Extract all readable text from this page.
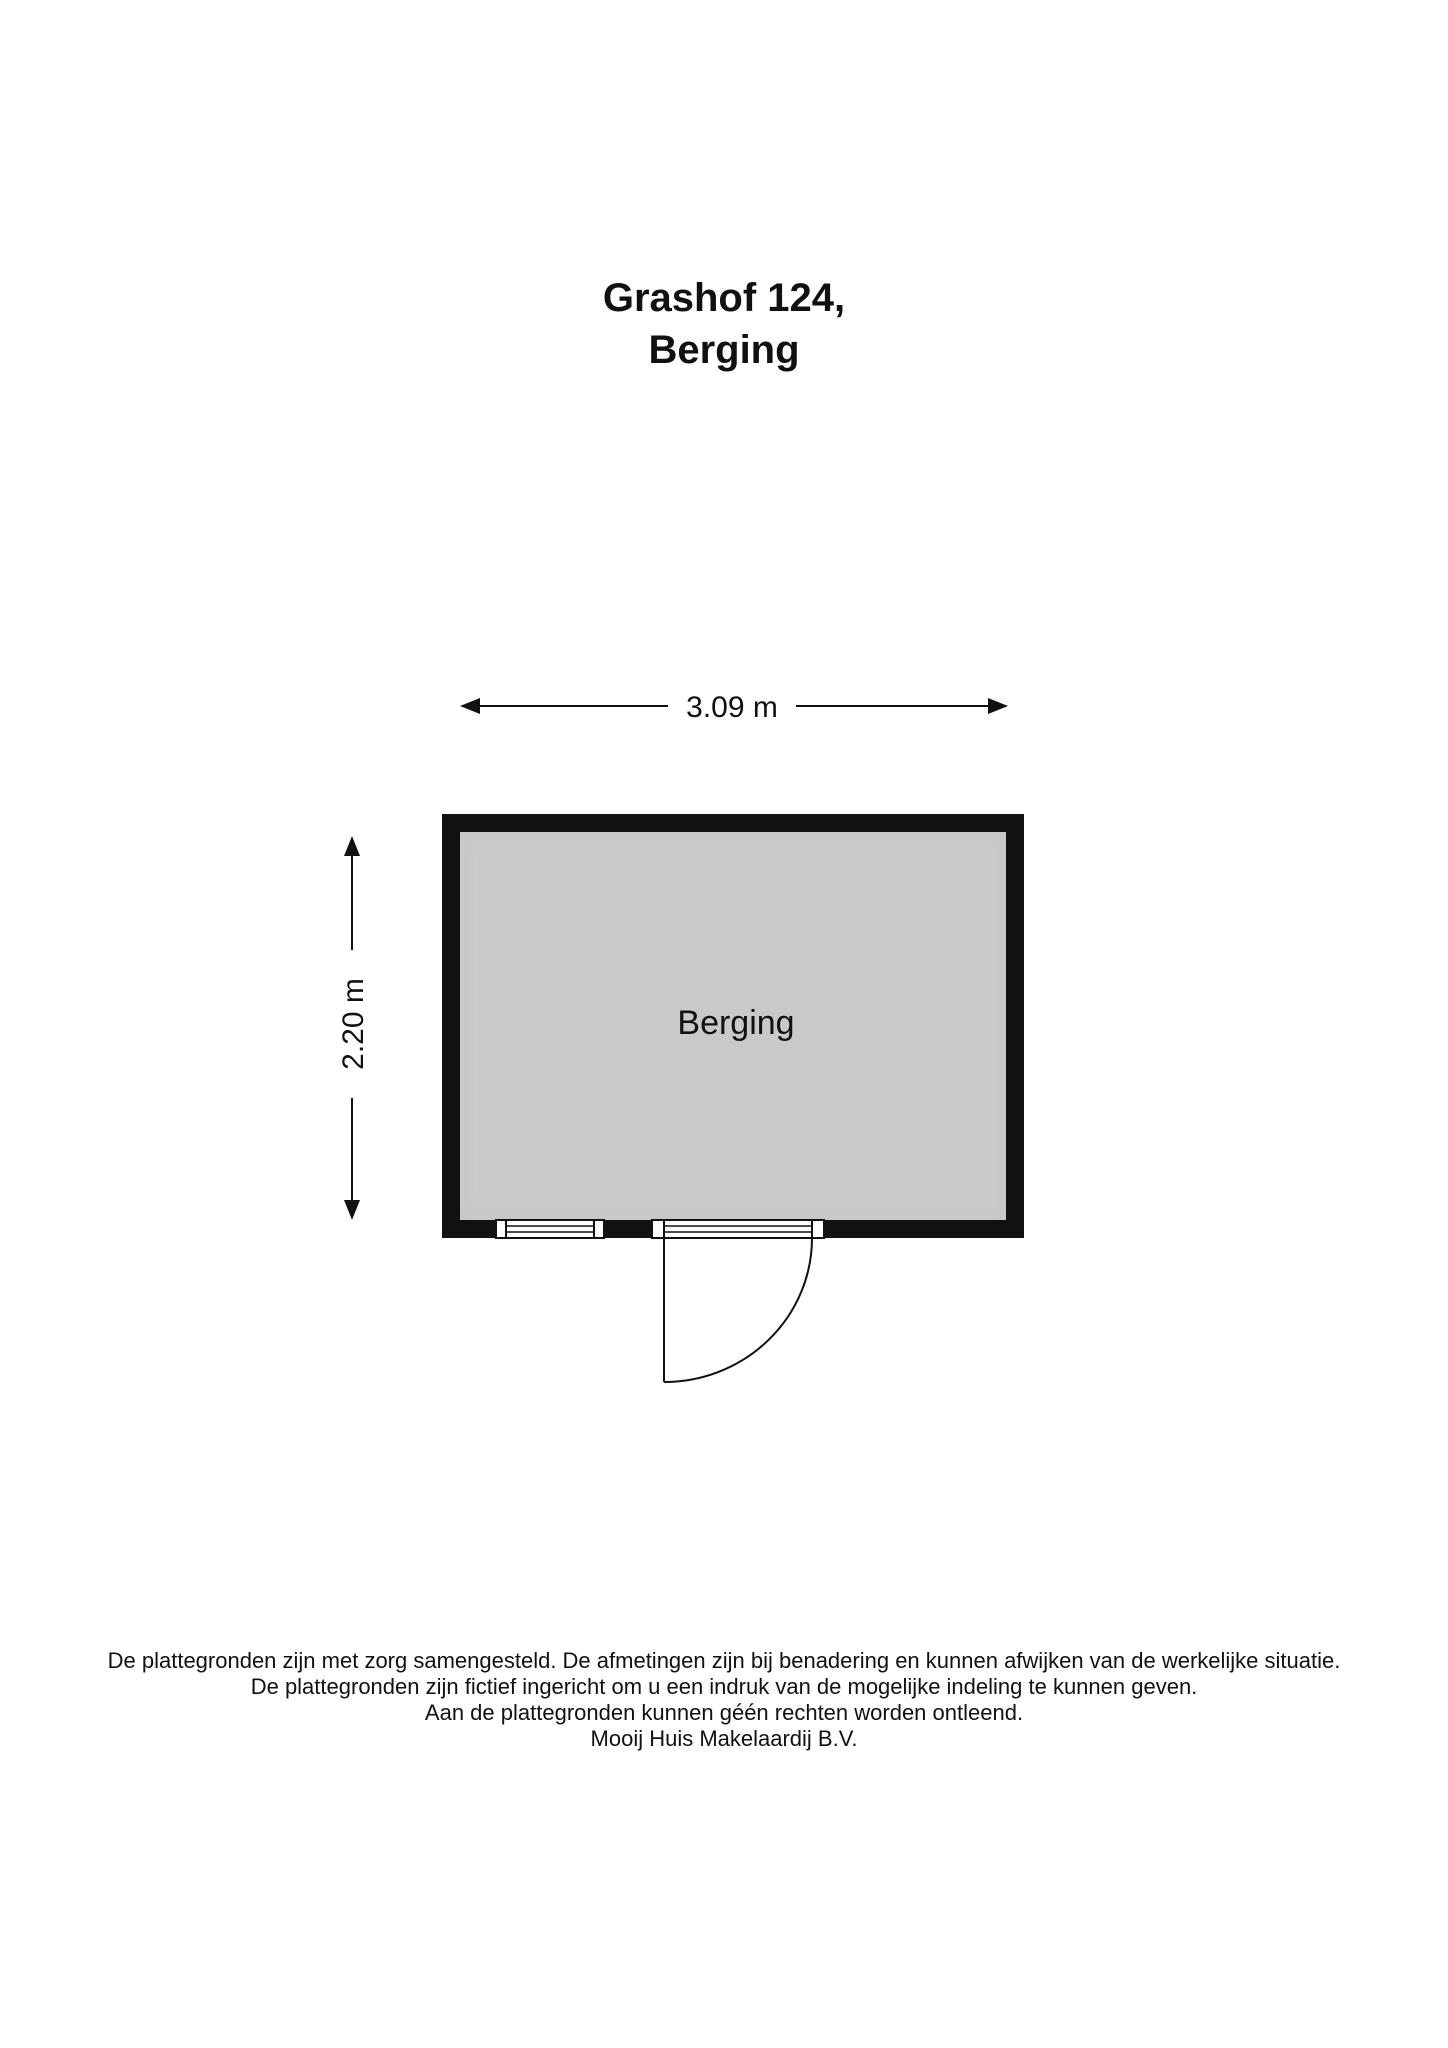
Grashof 124,
Berging
3.09 m
2.20 m	Berging
De plattegronden zijn met zorg samengesteld. De afmetingen zijn bij benadering en kunnen afwijken van de werkelijke situatie.
De plattegronden zijn fictief ingericht om u een indruk van de mogelijke indeling te kunnen geven.
Aan de plattegronden kunnen géén rechten worden ontleend.
Mooij Huis Makelaardij B.V.
